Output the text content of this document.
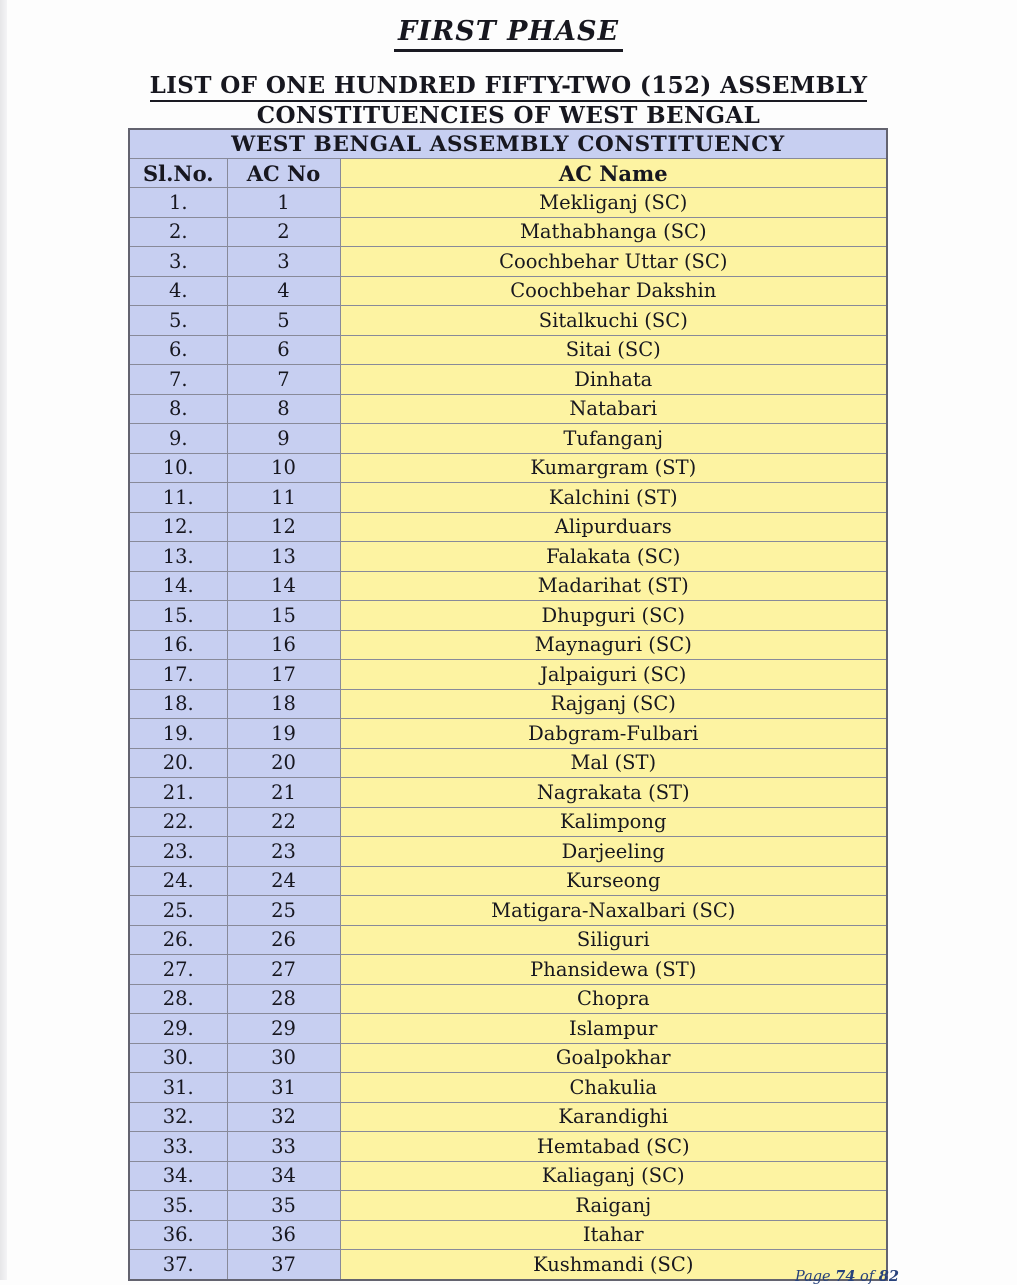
FIRST PHASE
LIST OF ONE HUNDRED FIFTY-TWO (152) ASSEMBLY
CONSTITUENCIES OF WEST BENGAL
WEST BENGAL ASSEMBLY CONSTITUENCY		
Sl.No.	AC No	AC Name
1.	1	Mekliganj (SC)
2.	2	Mathabhanga (SC)
3.	3	Coochbehar Uttar (SC)
4.	4	Coochbehar Dakshin
5.	5	Sitalkuchi (SC)
6.	6	Sitai (SC)
7.	7	Dinhata
8.	8	Natabari
9.	9	Tufanganj
10.	10	Kumargram (ST)
11.	11	Kalchini (ST)
12.	12	Alipurduars
13.	13	Falakata (SC)
14.	14	Madarihat (ST)
15.	15	Dhupguri (SC)
16.	16	Maynaguri (SC)
17.	17	Jalpaiguri (SC)
18.	18	Rajganj (SC)
19.	19	Dabgram-Fulbari
20.	20	Mal (ST)
21.	21	Nagrakata (ST)
22.	22	Kalimpong
23.	23	Darjeeling
24.	24	Kurseong
25.	25	Matigara-Naxalbari (SC)
26.	26	Siliguri
27.	27	Phansidewa (ST)
28.	28	Chopra
29.	29	Islampur
30.	30	Goalpokhar
31.	31	Chakulia
32.	32	Karandighi
33.	33	Hemtabad (SC)
34.	34	Kaliaganj (SC)
35.	35	Raiganj
36.	36	Itahar
37.	37	Kushmandi (SC)
Page 74 of 82
